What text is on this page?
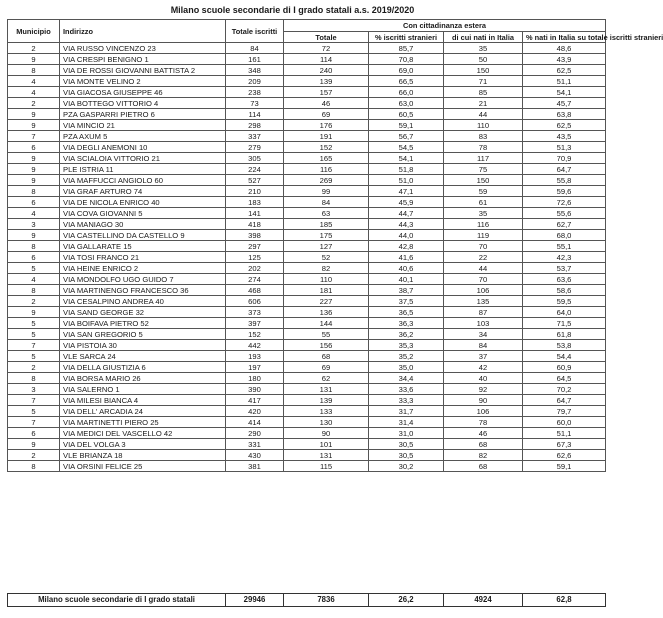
Milano scuole secondarie di I grado statali a.s. 2019/2020
Municipio	Indirizzo	Totale iscritti	Con cittadinanza estera			
			Totale	% iscritti stranieri	di cui nati in Italia	% nati in Italia su totale iscritti stranieri
2	VIA RUSSO VINCENZO 23	84	72	85,7	35	48,6
9	VIA CRESPI BENIGNO 1	161	114	70,8	50	43,9
8	VIA DE ROSSI GIOVANNI BATTISTA 2	348	240	69,0	150	62,5
4	VIA MONTE VELINO 2	209	139	66,5	71	51,1
4	VIA GIACOSA GIUSEPPE 46	238	157	66,0	85	54,1
2	VIA BOTTEGO VITTORIO 4	73	46	63,0	21	45,7
9	PZA GASPARRI PIETRO 6	114	69	60,5	44	63,8
9	VIA MINCIO 21	298	176	59,1	110	62,5
7	PZA AXUM 5	337	191	56,7	83	43,5
6	VIA DEGLI ANEMONI 10	279	152	54,5	78	51,3
9	VIA SCIALOIA VITTORIO 21	305	165	54,1	117	70,9
9	PLE ISTRIA 11	224	116	51,8	75	64,7
9	VIA MAFFUCCI ANGIOLO 60	527	269	51,0	150	55,8
8	VIA GRAF ARTURO 74	210	99	47,1	59	59,6
6	VIA DE NICOLA ENRICO 40	183	84	45,9	61	72,6
4	VIA COVA GIOVANNI 5	141	63	44,7	35	55,6
3	VIA MANIAGO 30	418	185	44,3	116	62,7
9	VIA CASTELLINO DA CASTELLO 9	398	175	44,0	119	68,0
8	VIA GALLARATE 15	297	127	42,8	70	55,1
6	VIA TOSI FRANCO 21	125	52	41,6	22	42,3
5	VIA HEINE ENRICO 2	202	82	40,6	44	53,7
4	VIA MONDOLFO UGO GUIDO 7	274	110	40,1	70	63,6
8	VIA MARTINENGO FRANCESCO 36	468	181	38,7	106	58,6
2	VIA CESALPINO ANDREA 40	606	227	37,5	135	59,5
9	VIA SAND GEORGE 32	373	136	36,5	87	64,0
5	VIA BOIFAVA PIETRO 52	397	144	36,3	103	71,5
5	VIA SAN GREGORIO 5	152	55	36,2	34	61,8
7	VIA PISTOIA 30	442	156	35,3	84	53,8
5	VLE SARCA 24	193	68	35,2	37	54,4
2	VIA DELLA GIUSTIZIA 6	197	69	35,0	42	60,9
8	VIA BORSA MARIO 26	180	62	34,4	40	64,5
3	VIA SALERNO 1	390	131	33,6	92	70,2
7	VIA MILESI BIANCA 4	417	139	33,3	90	64,7
5	VIA DELL' ARCADIA 24	420	133	31,7	106	79,7
7	VIA MARTINETTI PIERO 25	414	130	31,4	78	60,0
6	VIA MEDICI DEL VASCELLO 42	290	90	31,0	46	51,1
9	VIA DEL VOLGA 3	331	101	30,5	68	67,3
2	VLE BRIANZA 18	430	131	30,5	82	62,6
8	VIA ORSINI FELICE 25	381	115	30,2	68	59,1
Milano scuole secondarie di I grado statali	29946	7836	26,2	4924	62,8
